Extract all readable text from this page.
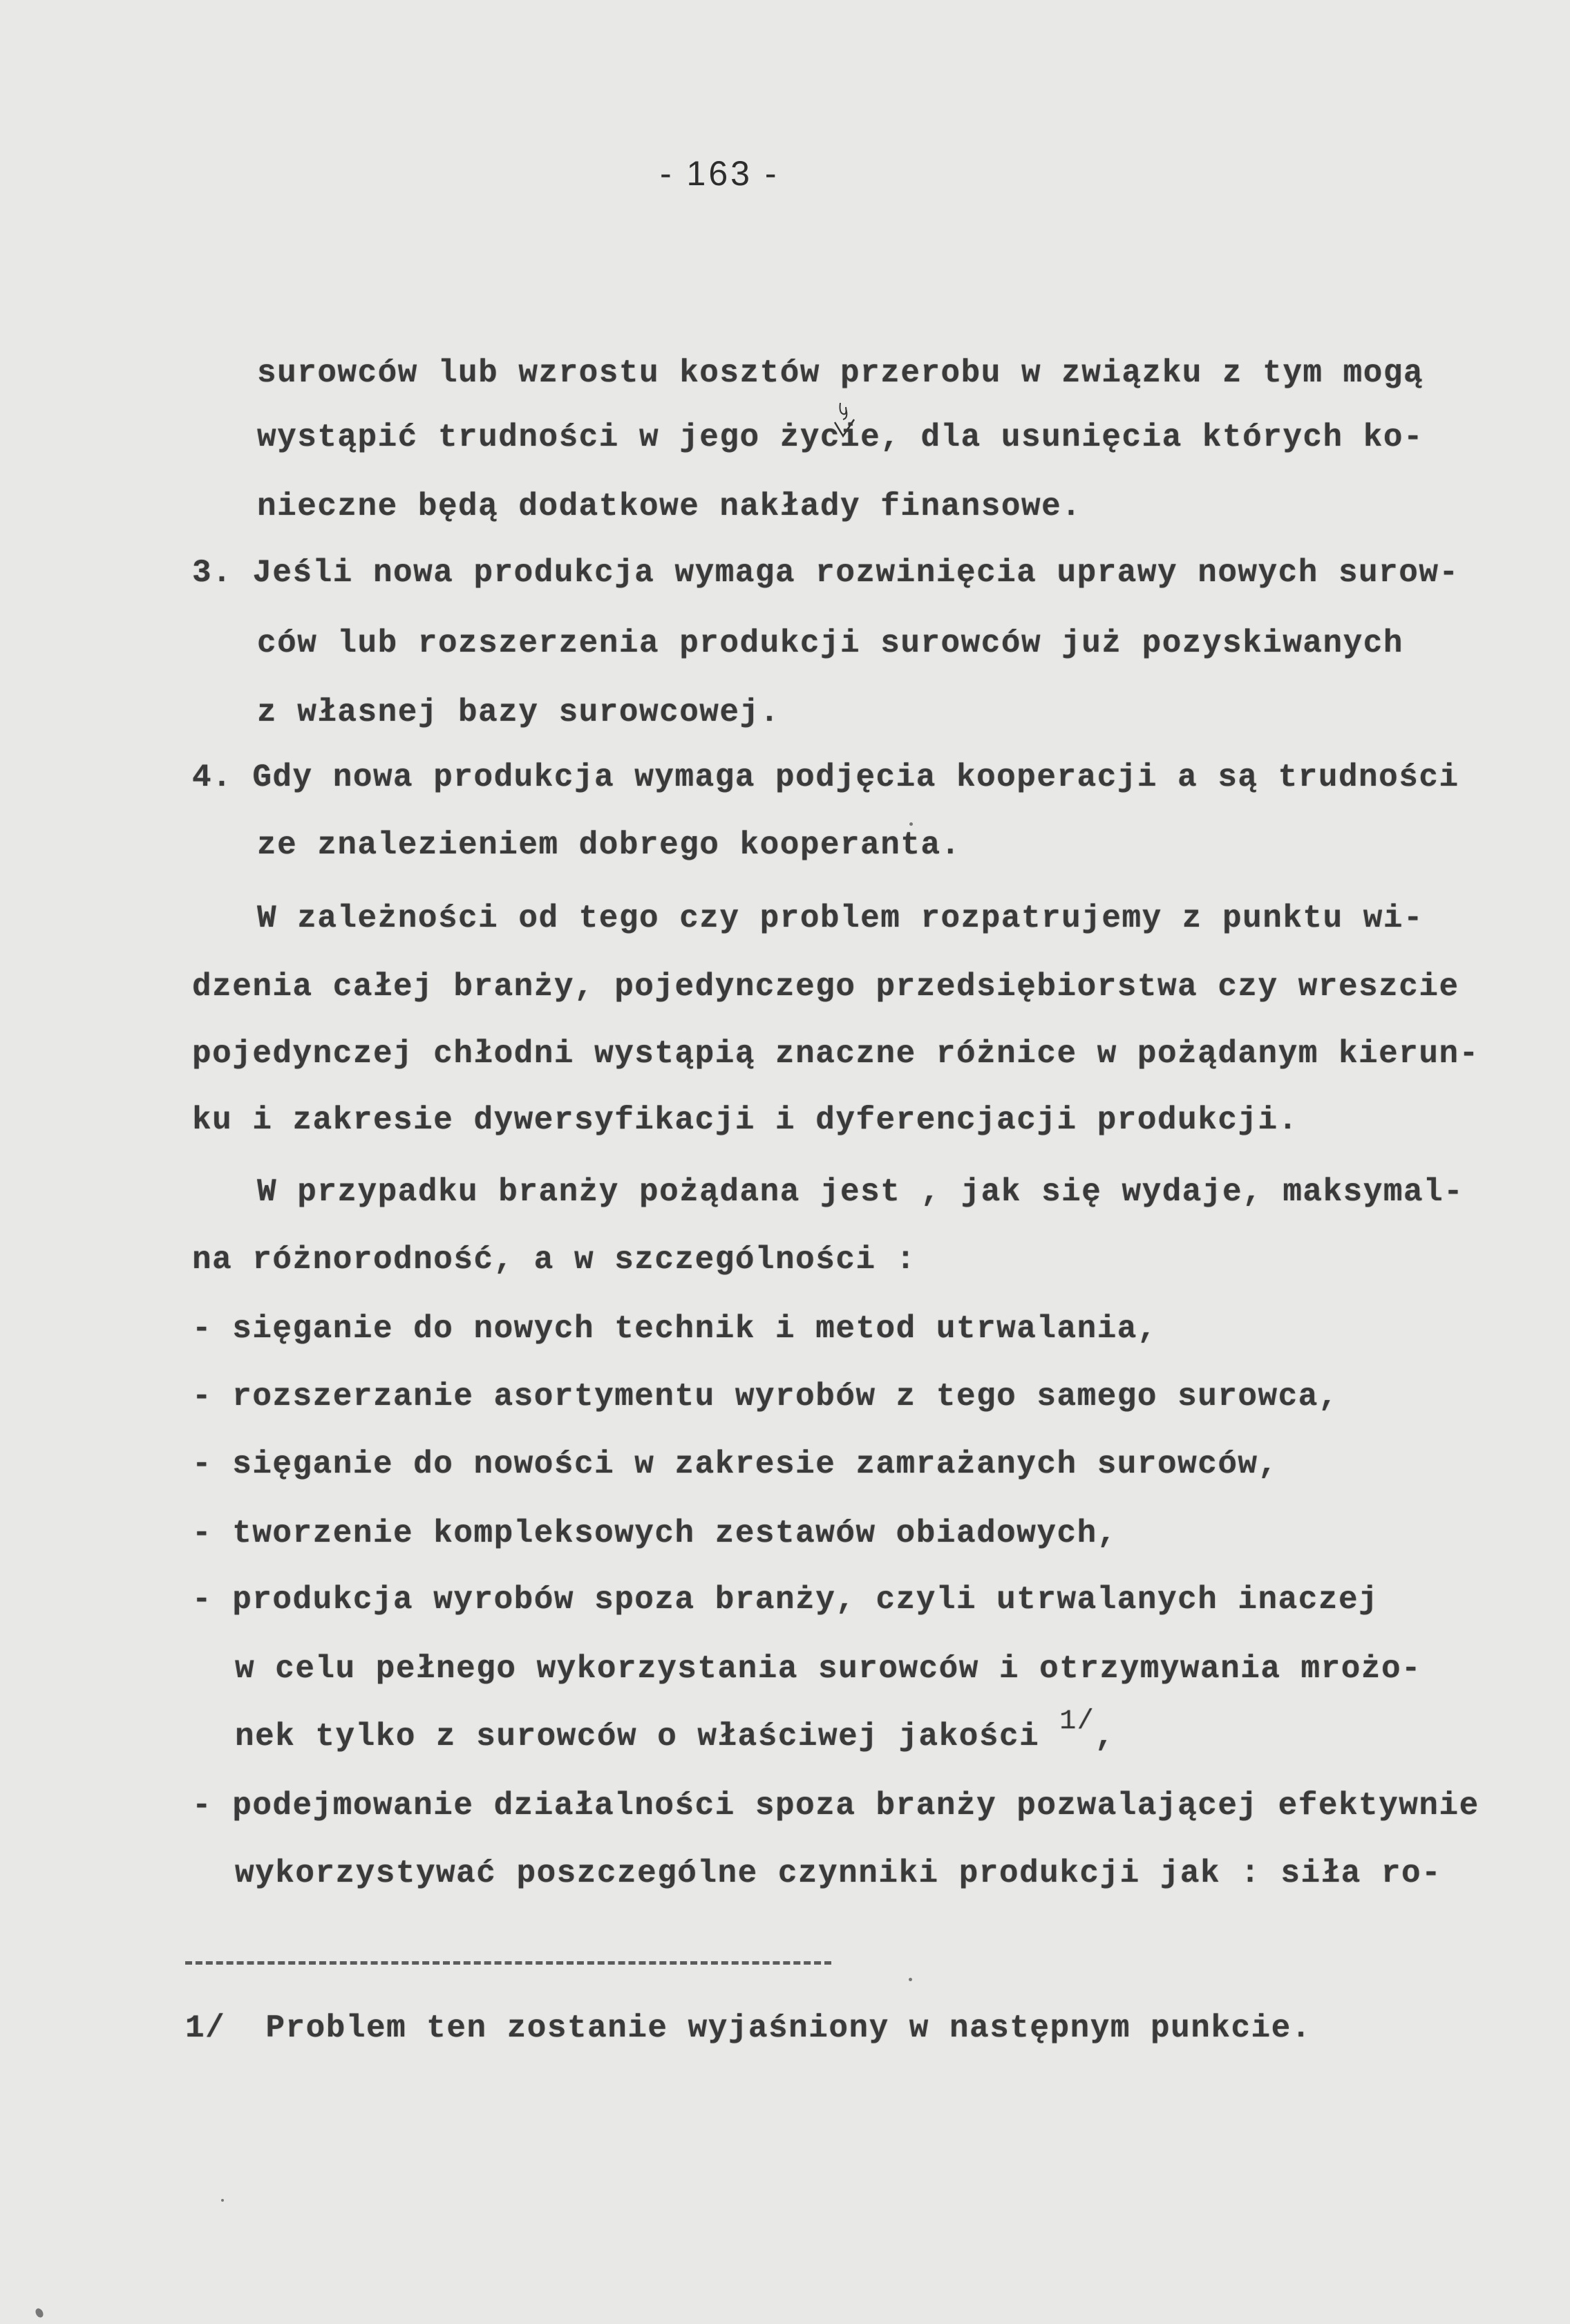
- 163 -
surowców lub wzrostu kosztów przerobu w związku z tym mogą
wystąpić trudności w jego życie, dla usunięcia których ko-
nieczne będą dodatkowe nakłady finansowe.
3. Jeśli nowa produkcja wymaga rozwinięcia uprawy nowych surow-
ców lub rozszerzenia produkcji surowców już pozyskiwanych
z własnej bazy surowcowej.
4. Gdy nowa produkcja wymaga podjęcia kooperacji a są trudności
ze znalezieniem dobrego kooperanta.
W zależności od tego czy problem rozpatrujemy z punktu wi-
dzenia całej branży, pojedynczego przedsiębiorstwa czy wreszcie
pojedynczej chłodni wystąpią znaczne różnice w pożądanym kierun-
ku i zakresie dywersyfikacji i dyferencjacji produkcji.
W przypadku branży pożądana jest , jak się wydaje, maksymal-
na różnorodność, a w szczególności :
- sięganie do nowych technik i metod utrwalania,
- rozszerzanie asortymentu wyrobów z tego samego surowca,
- sięganie do nowości w zakresie zamrażanych surowców,
- tworzenie kompleksowych zestawów obiadowych,
- produkcja wyrobów spoza branży, czyli utrwalanych inaczej
w celu pełnego wykorzystania surowców i otrzymywania mrożo-
nek tylko z surowców o właściwej jakości 1/,
- podejmowanie działalności spoza branży pozwalającej efektywnie
wykorzystywać poszczególne czynniki produkcji jak : siła ro-
1/ Problem ten zostanie wyjaśniony w następnym punkcie.
